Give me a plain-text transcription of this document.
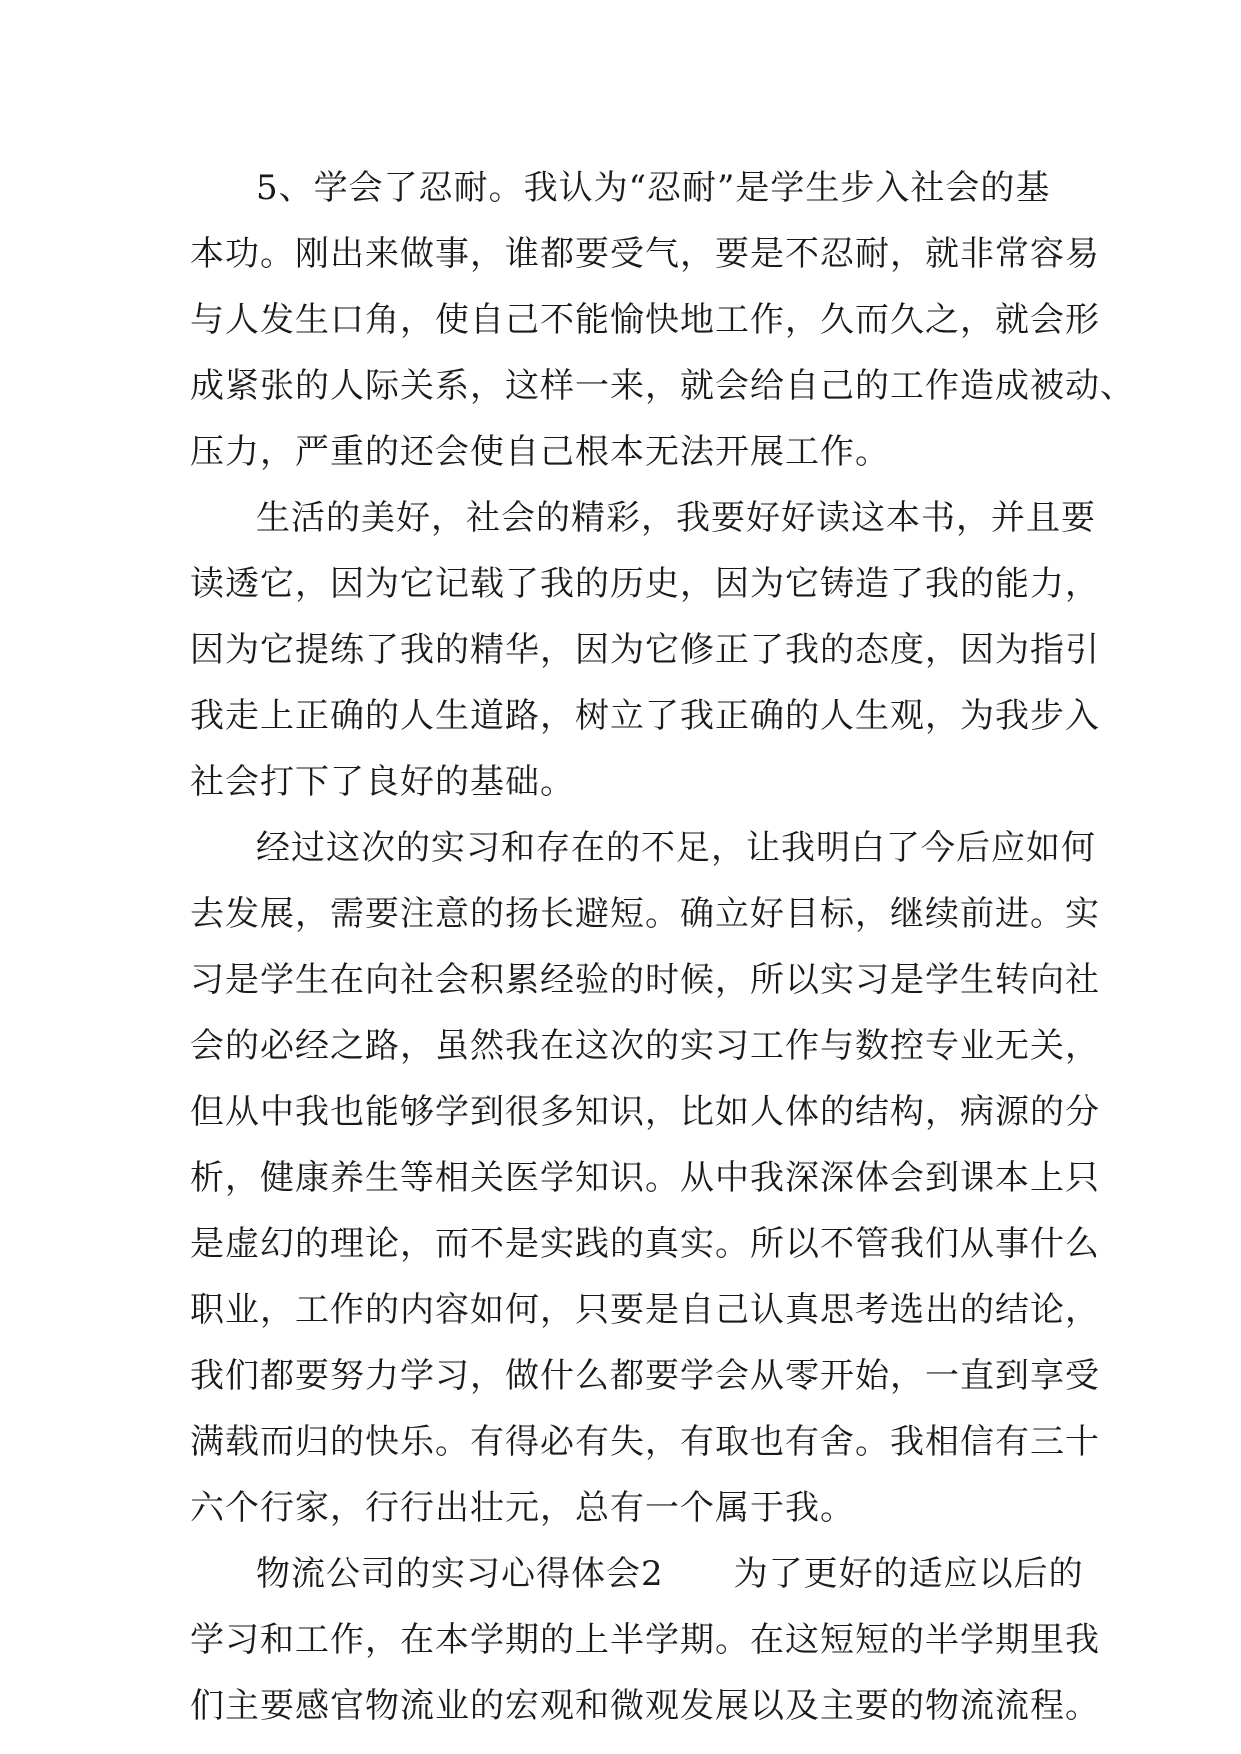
5、学会了忍耐。我认为“忍耐”是学生步入社会的基
本功。刚出来做事，谁都要受气，要是不忍耐，就非常容易
与人发生口角，使自己不能愉快地工作，久而久之，就会形
成紧张的人际关系，这样一来，就会给自己的工作造成被动、
压力，严重的还会使自己根本无法开展工作。
生活的美好，社会的精彩，我要好好读这本书，并且要
读透它，因为它记载了我的历史，因为它铸造了我的能力，
因为它提练了我的精华，因为它修正了我的态度，因为指引
我走上正确的人生道路，树立了我正确的人生观，为我步入
社会打下了良好的基础。
经过这次的实习和存在的不足，让我明白了今后应如何
去发展，需要注意的扬长避短。确立好目标，继续前进。实
习是学生在向社会积累经验的时候，所以实习是学生转向社
会的必经之路，虽然我在这次的实习工作与数控专业无关，
但从中我也能够学到很多知识，比如人体的结构，病源的分
析，健康养生等相关医学知识。从中我深深体会到课本上只
是虚幻的理论，而不是实践的真实。所以不管我们从事什么
职业，工作的内容如何，只要是自己认真思考选出的结论，
我们都要努力学习，做什么都要学会从零开始，一直到享受
满载而归的快乐。有得必有失，有取也有舍。我相信有三十
六个行家，行行出壮元，总有一个属于我。
物流公司的实习心得体会2　　为了更好的适应以后的
学习和工作，在本学期的上半学期。在这短短的半学期里我
们主要感官物流业的宏观和微观发展以及主要的物流流程。
